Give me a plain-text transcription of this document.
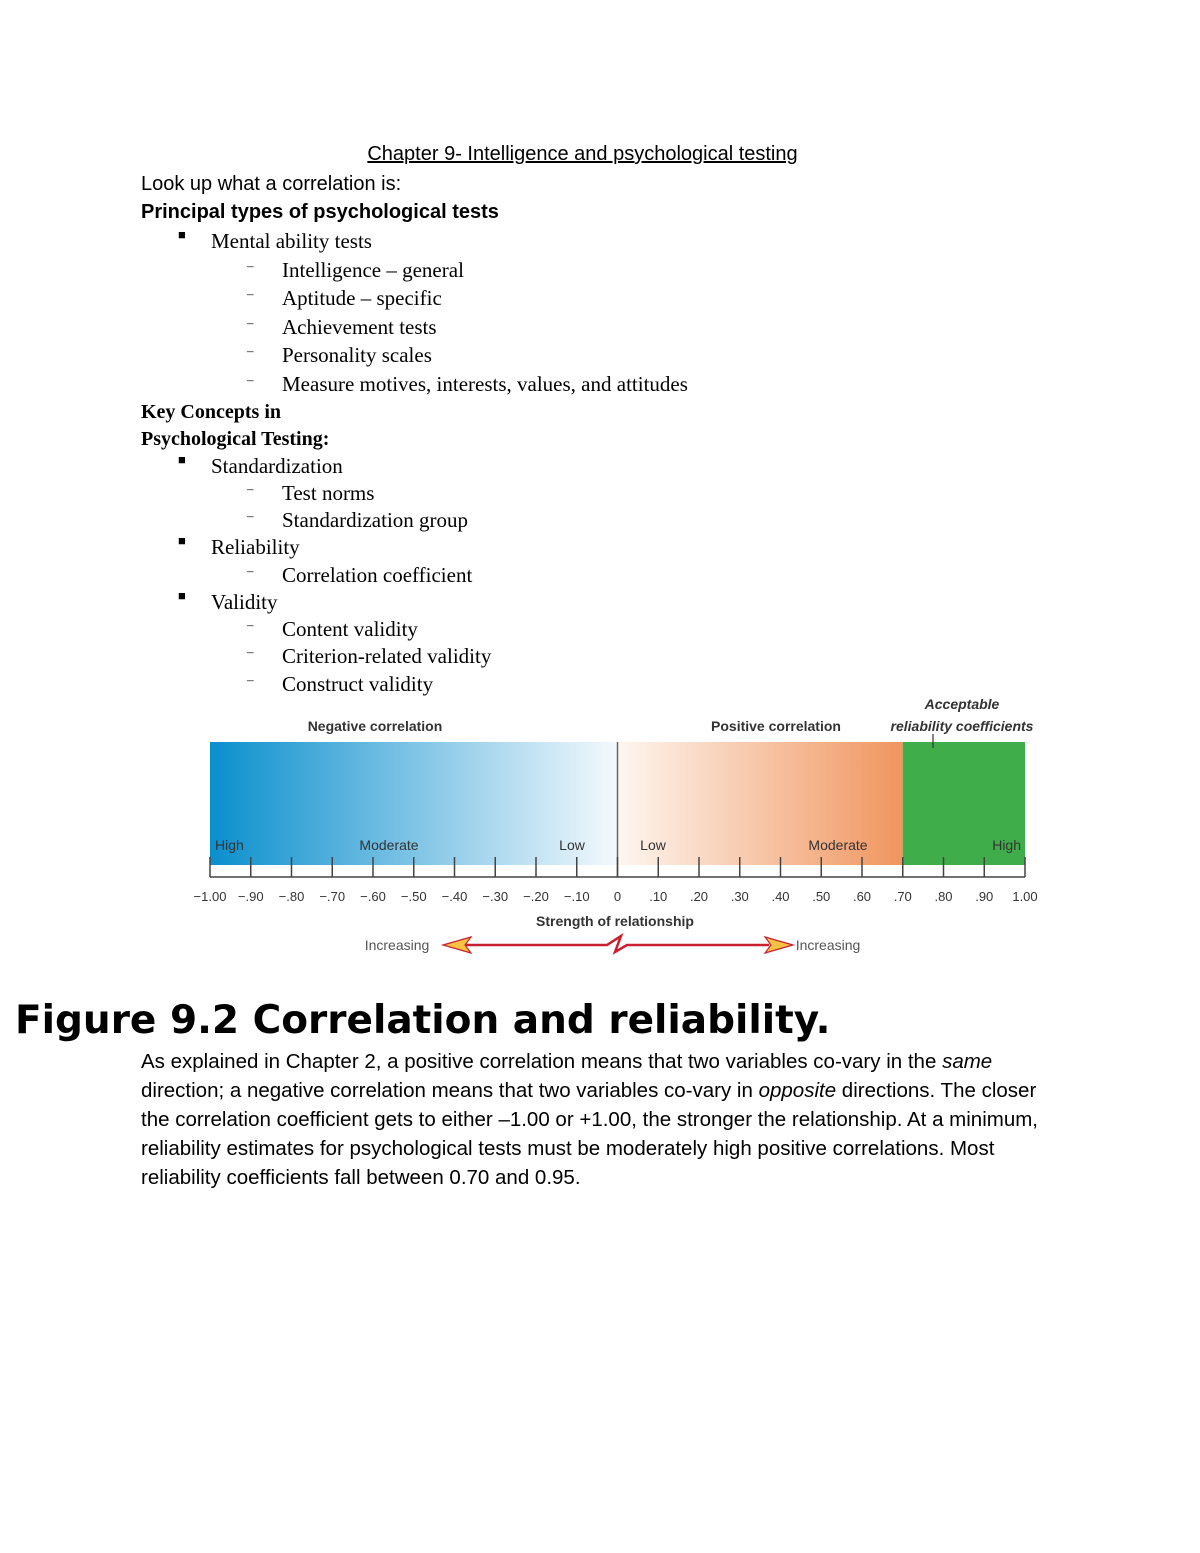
Chapter 9- Intelligence and psychological testing
Look up what a correlation is:
Principal types of psychological tests
■ Mental ability tests
– Intelligence – general
– Aptitude – specific
– Achievement tests
– Personality scales
– Measure motives, interests, values, and attitudes
Key Concepts in
Psychological Testing:
■ Standardization
– Test norms
– Standardization group
■ Reliability
– Correlation coefficient
■ Validity
– Content validity
– Criterion-related validity
– Construct validity
−1.00 −.90 −.80 −.70 −.60 −.50 −.40 −.30 −.20 −.10 0 .10 .20 .30 .40 .50 .60 .70 .80 .90 1.00
Negative correlation	Positive correlation
Acceptable
reliability coefficients
High	Moderate	Low	Low	Moderate	High
Strength of relationship
Increasing	Increasing
Figure 9.2 Correlation and reliability.
As explained in Chapter 2, a positive correlation means that two variables co-vary in the same direction; a negative correlation means that two variables co-vary in opposite directions. The closer the correlation coefficient gets to either –1.00 or +1.00, the stronger the relationship. At a minimum, reliability estimates for psychological tests must be moderately high positive correlations. Most reliability coefficients fall between 0.70 and 0.95.
